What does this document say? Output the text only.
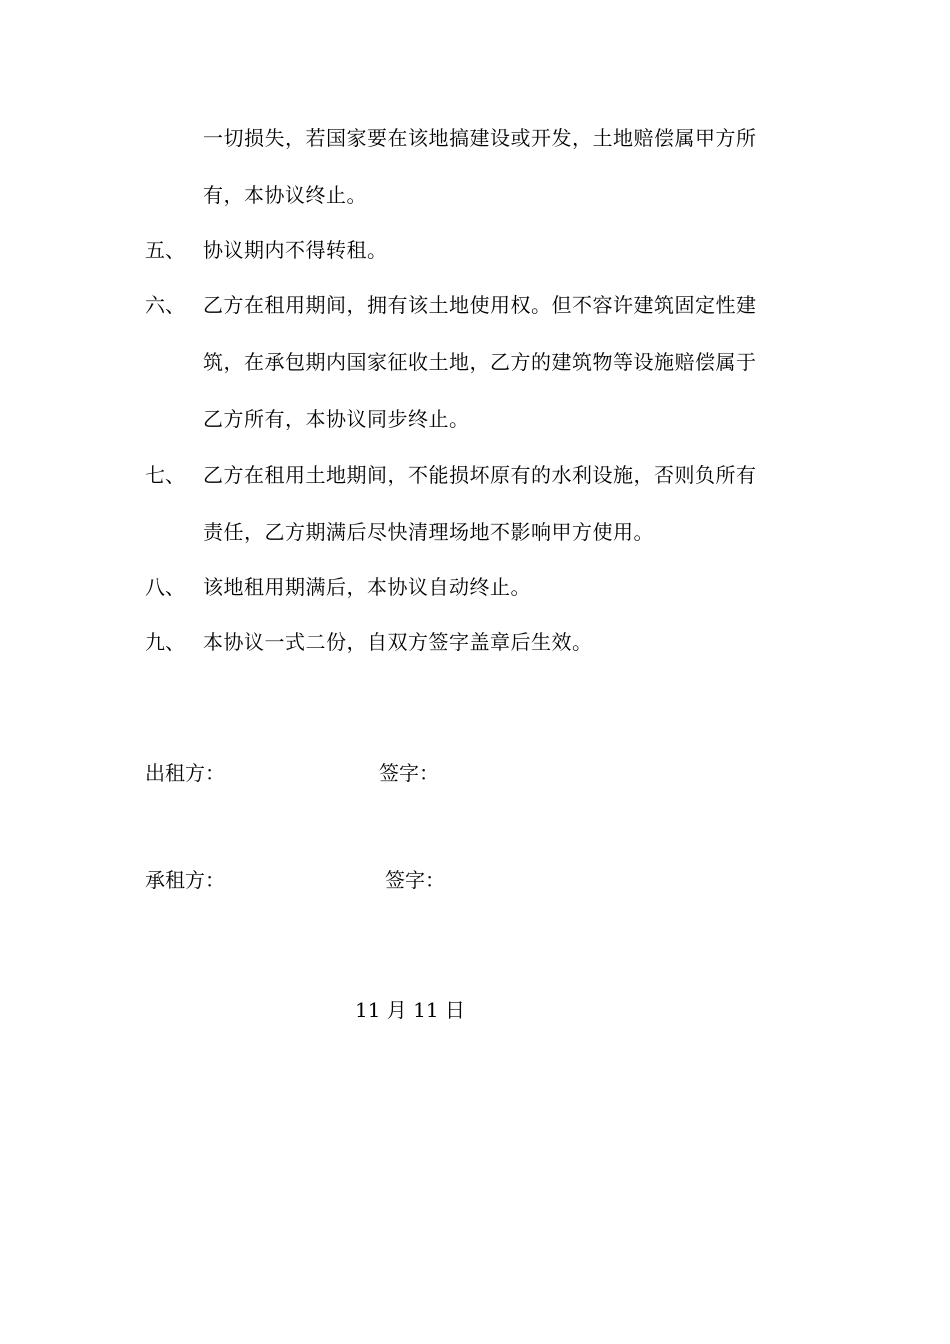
一切损失，若国家要在该地搞建设或开发，土地赔偿属甲方所
有，本协议终止。
五、 协议期内不得转租。
六、 乙方在租用期间，拥有该土地使用权。但不容许建筑固定性建
筑，在承包期内国家征收土地，乙方的建筑物等设施赔偿属于
乙方所有，本协议同步终止。
七、 乙方在租用土地期间，不能损坏原有的水利设施，否则负所有
责任，乙方期满后尽快清理场地不影响甲方使用。
八、 该地租用期满后，本协议自动终止。
九、 本协议一式二份，自双方签字盖章后生效。
出租方：	签字：
承租方：	签字：
11 月 11 日
